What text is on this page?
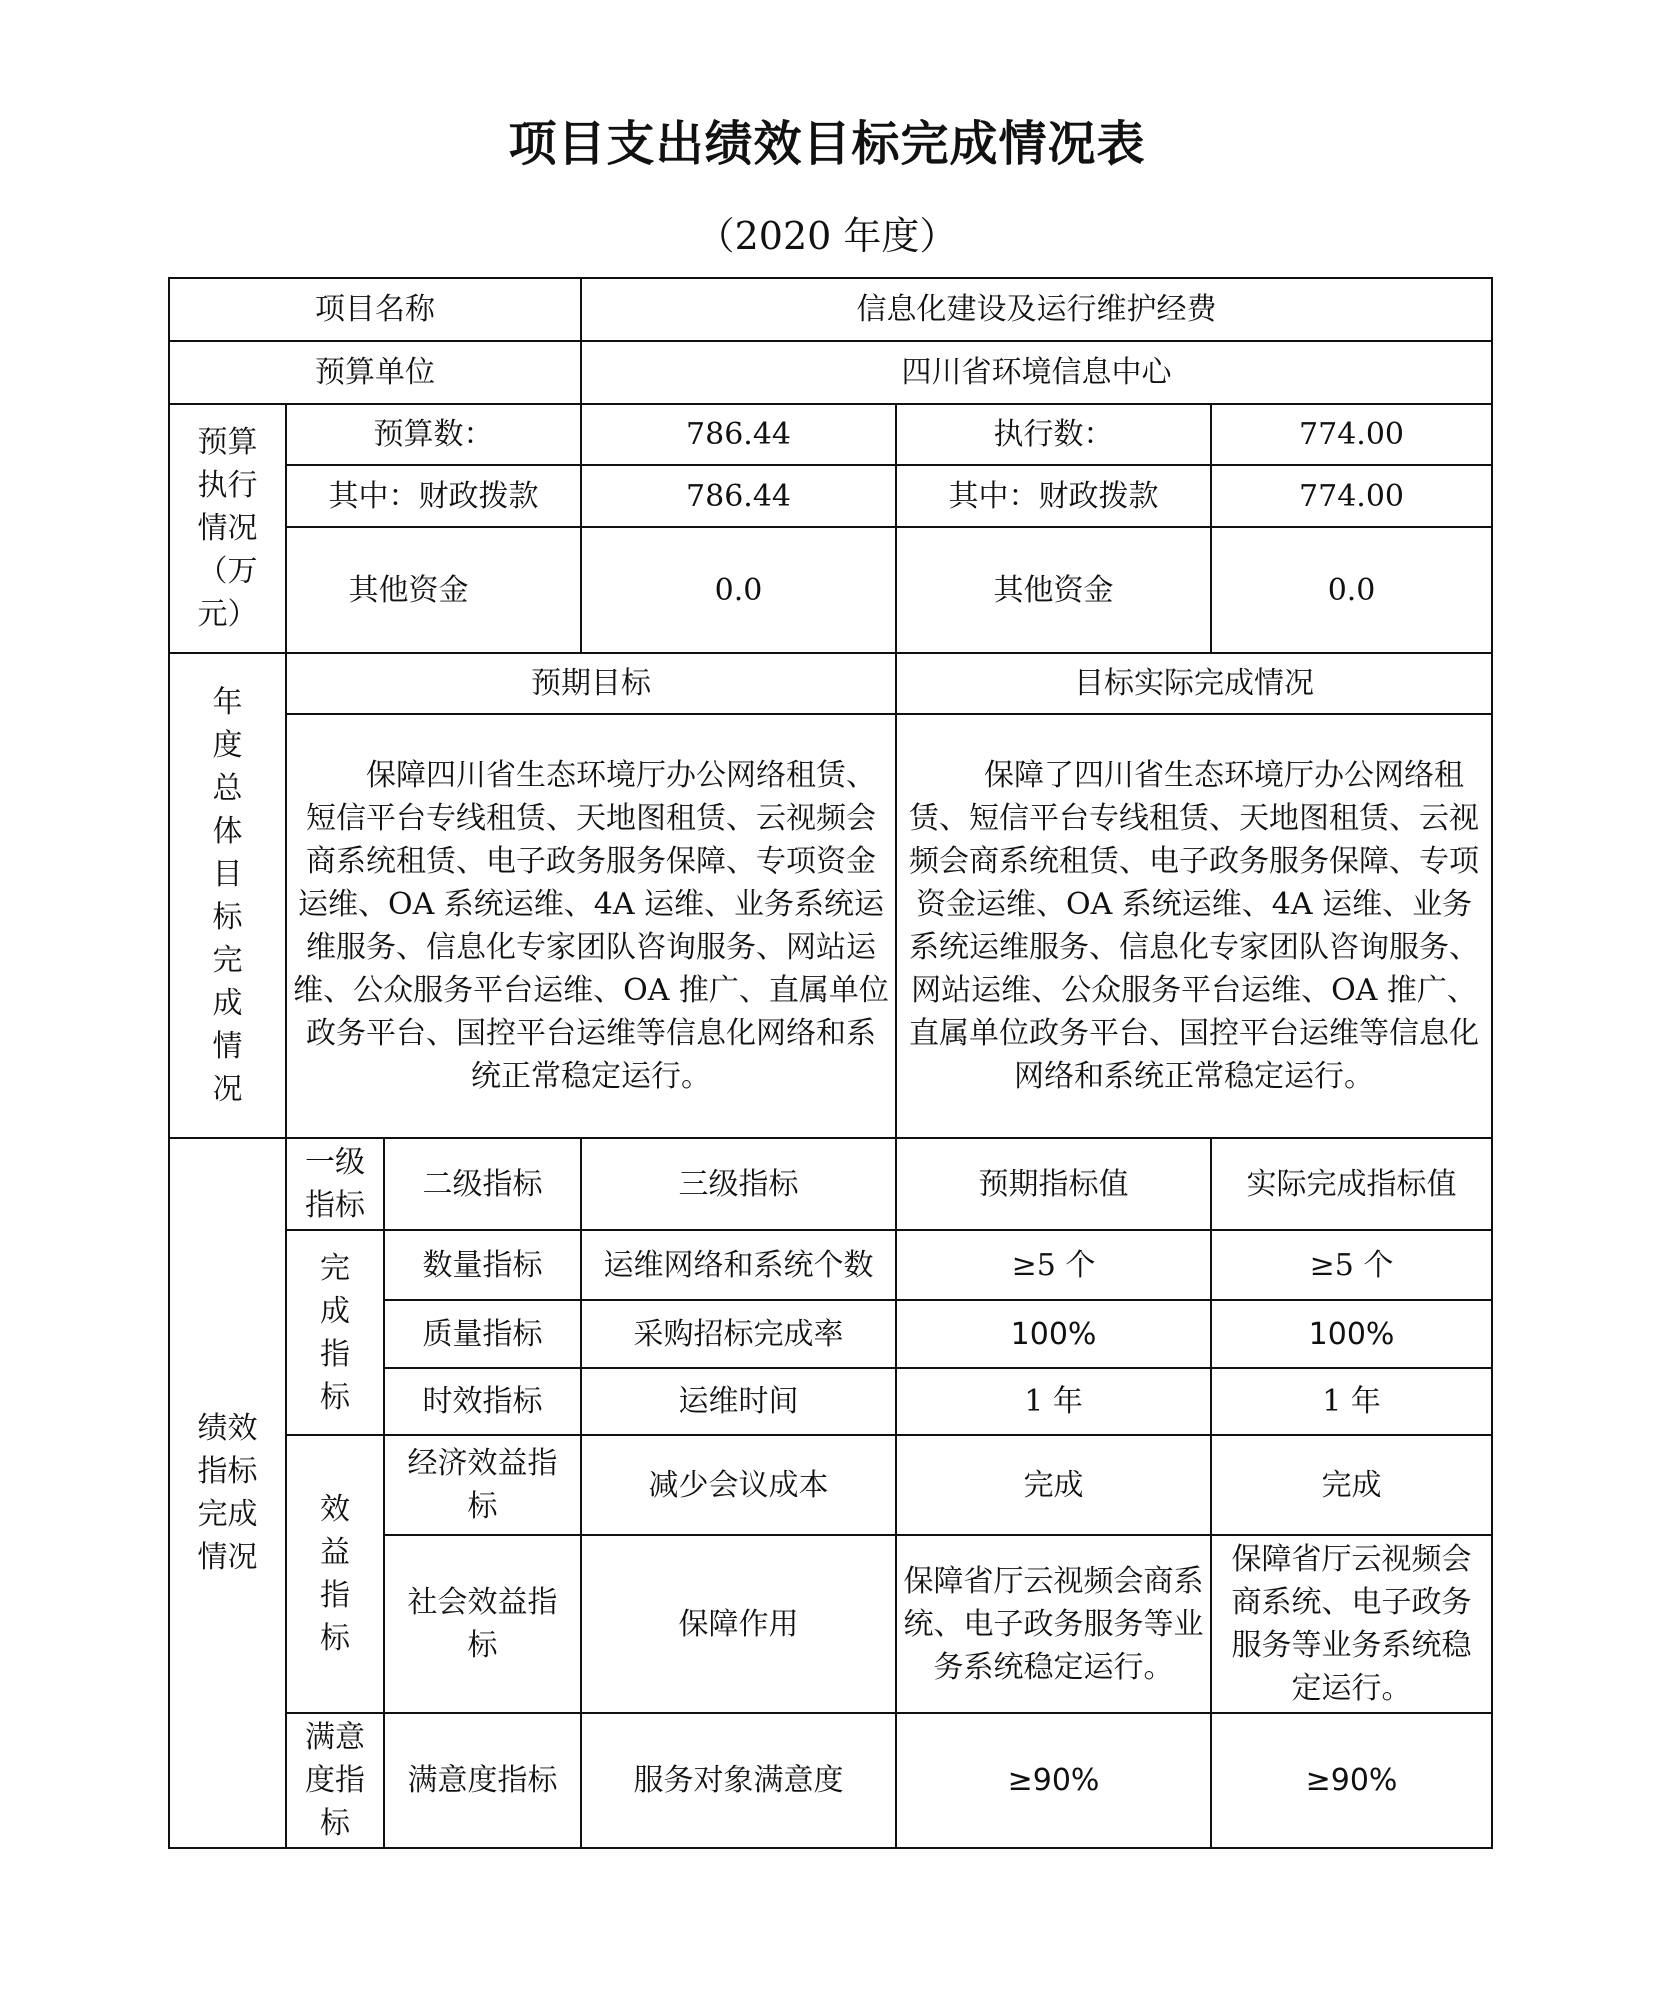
项目支出绩效目标完成情况表
（2020 年度）
项目名称			信息化建设及运行维护经费		
预算单位			四川省环境信息中心		
预算执行情况（万元）	预算数：		786.44	执行数：	774.00
	其中：财政拨款		786.44	其中：财政拨款	774.00
	其他资金		0.0	其他资金	0.0
年度总体目标完成情况	预期目标			目标实际完成情况	

	保障四川省生态环境厅办公网络租赁、短信平台专线租赁、天地图租赁、云视频会商系统租赁、电子政务服务保障、专项资金运维、OA 系统运维、4A 运维、业务系统运维服务、信息化专家团队咨询服务、网站运维、公众服务平台运维、OA 推广、直属单位政务平台、国控平台运维等信息化网络和系统正常稳定运行。			保障了四川省生态环境厅办公网络租赁、短信平台专线租赁、天地图租赁、云视频会商系统租赁、电子政务服务保障、专项资金运维、OA 系统运维、4A 运维、业务系统运维服务、信息化专家团队咨询服务、网站运维、公众服务平台运维、OA 推广、直属单位政务平台、国控平台运维等信息化网络和系统正常稳定运行。	

绩效指标完成情况	一级指标	二级指标	三级指标	预期指标值	实际完成指标值
	完成指标	数量指标	运维网络和系统个数	≥5 个	≥5 个
		质量指标	采购招标完成率	100%	100%
		时效指标	运维时间	1 年	1 年
	效益指标	经济效益指标	减少会议成本	完成	完成
		社会效益指标	保障作用	保障省厅云视频会商系统、电子政务服务等业务系统稳定运行。	保障省厅云视频会商系统、电子政务服务等业务系统稳定运行。
	满意度指标	满意度指标	服务对象满意度	≥90%	≥90%
